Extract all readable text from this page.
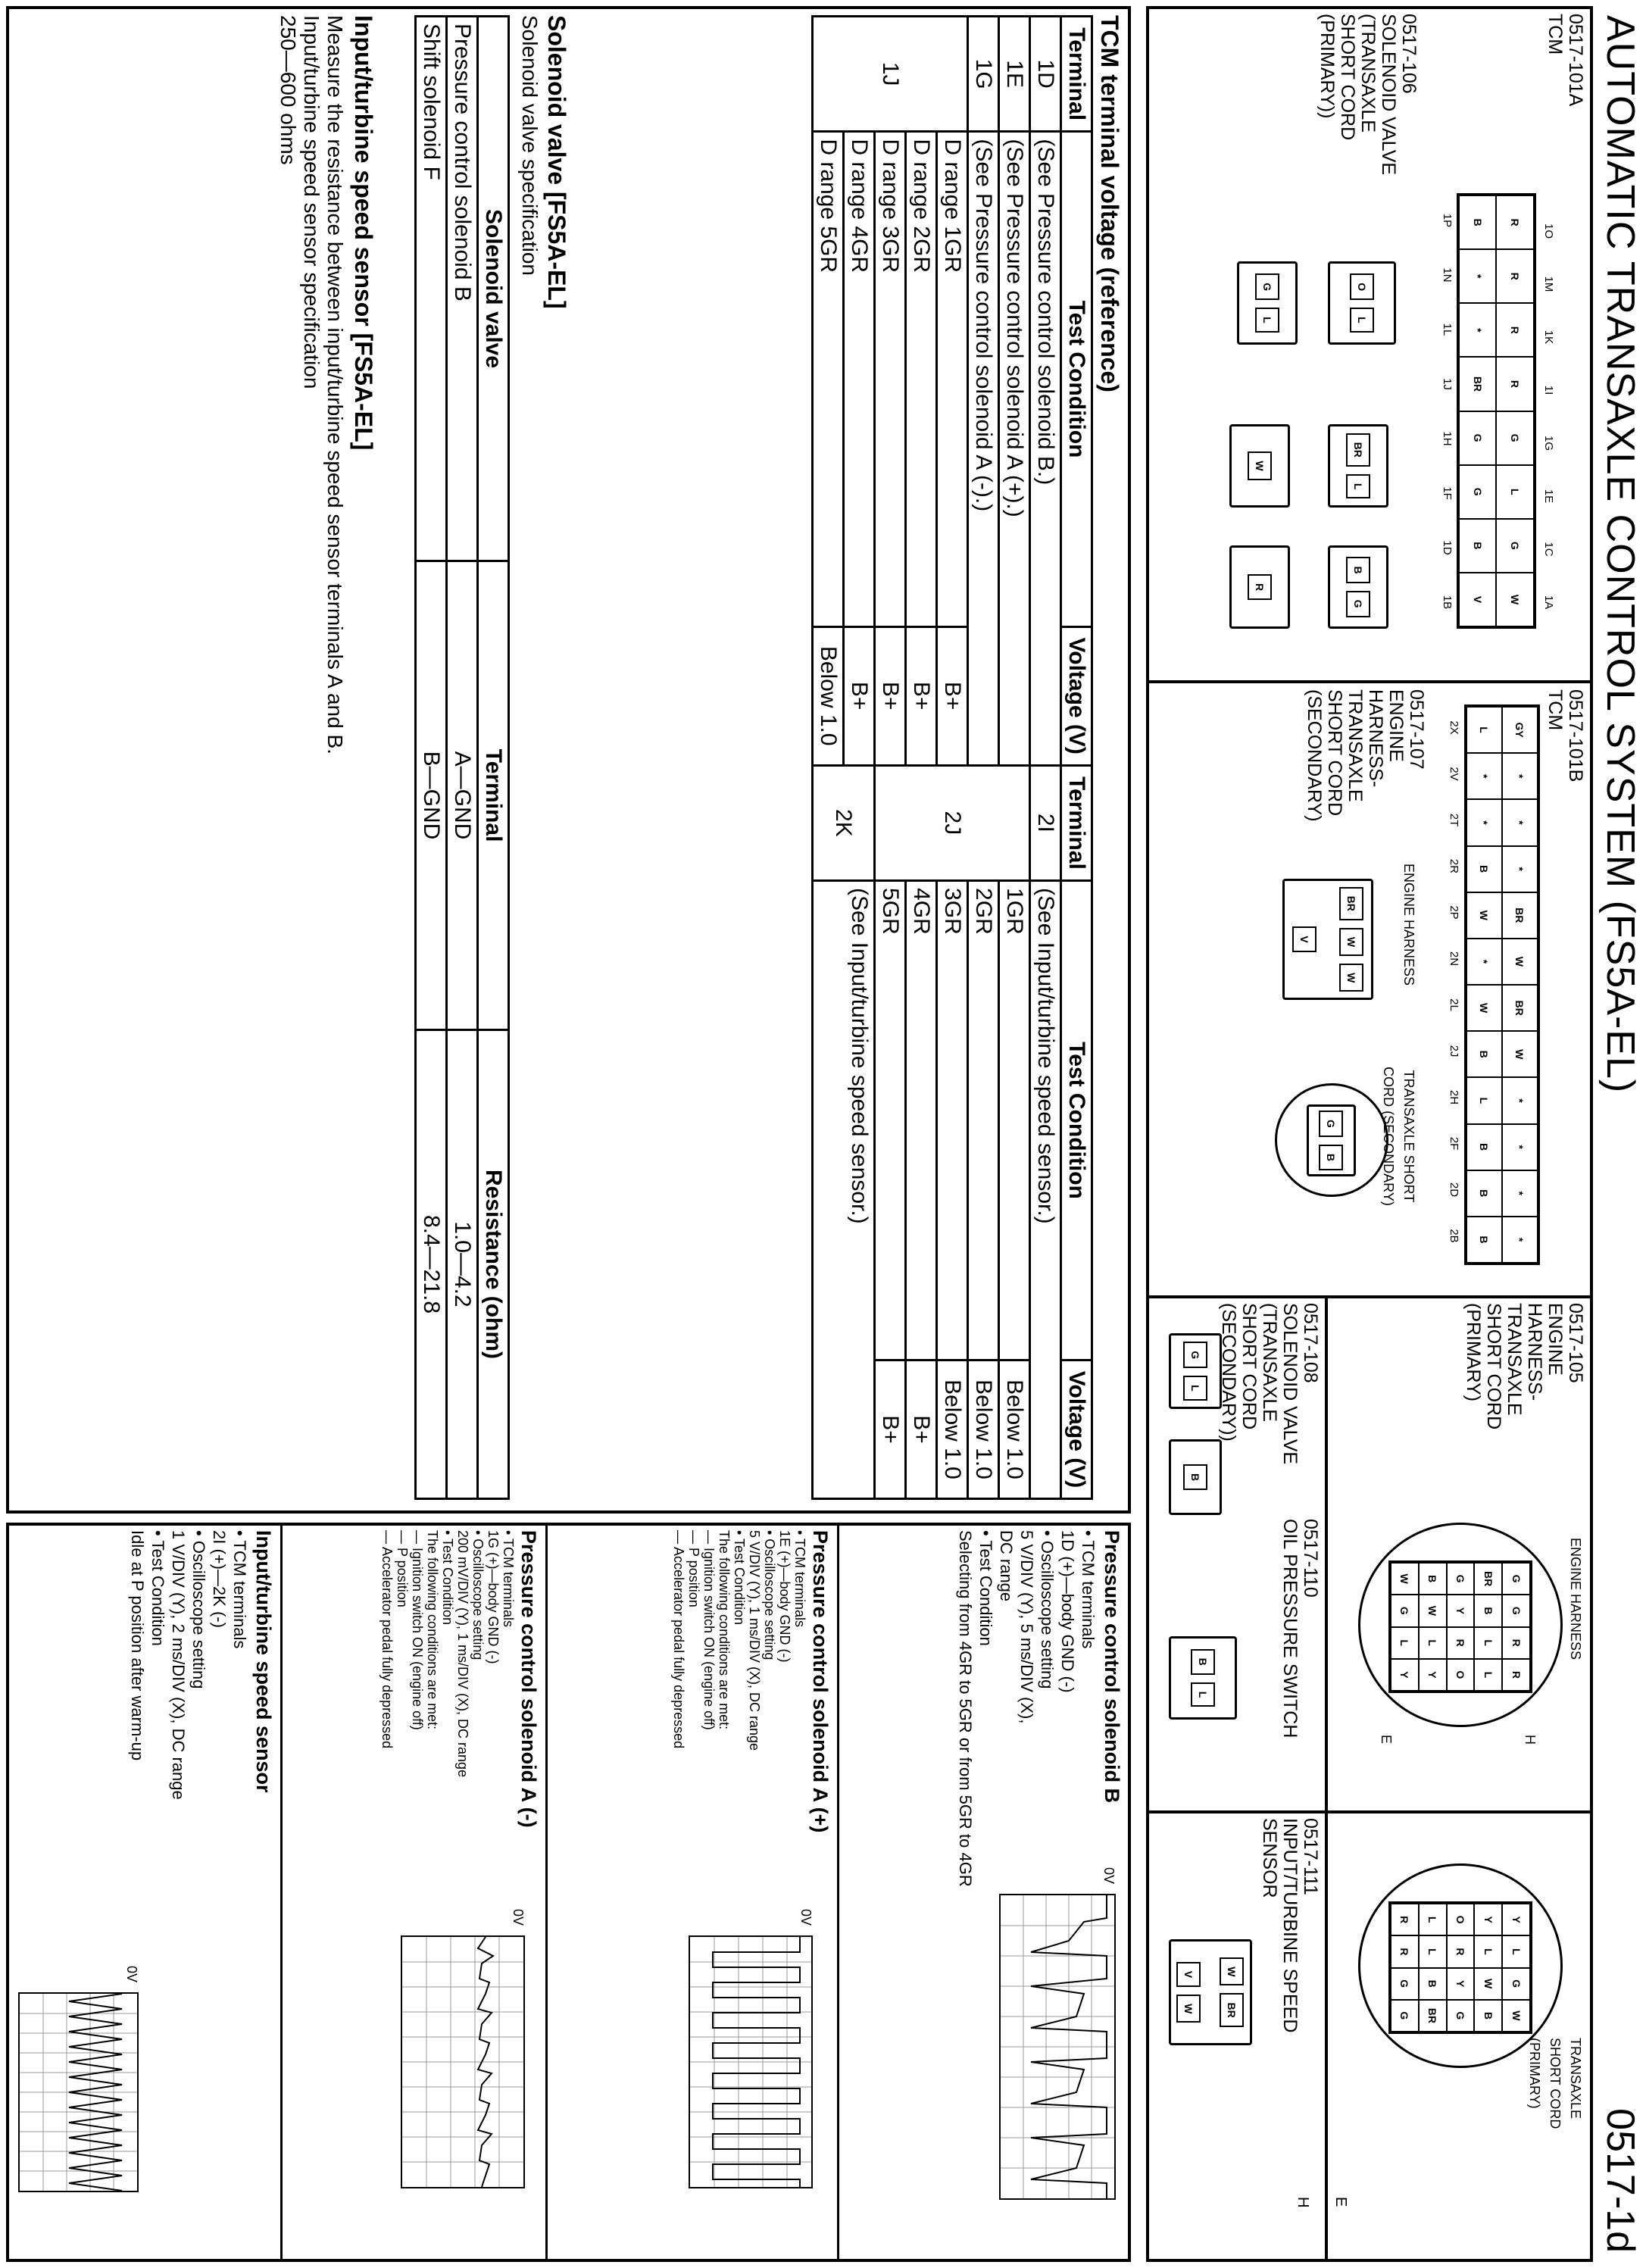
AUTOMATIC TRANSAXLE CONTROL SYSTEM (FS5A-EL)
0517-1d
0517-101A
TCM
0517-106
SOLENOID VALVE (TRANSAXLE SHORT CORD (PRIMARY))
1O
1M
1K
1I
1G
1E
1C
1A
R
R
R
R
G
L
G
W
B
*
*
BR
G
G
B
V
1P
1N
1L
1J
1H
1F
1D
1B
O
L
G
L
BR
L
B
G
W
R
0517-101B
TCM
GY
*
*
*
BR
W
BR
W
*
*
*
*
L
*
*
B
W
*
W
B
L
B
B
B
2X
2V
2T
2R
2P
2N
2L
2J
2H
2F
2D
2B
0517-107
ENGINE HARNESS-TRANSAXLE SHORT CORD (SECONDARY)
ENGINE HARNESS
TRANSAXLE SHORT CORD (SECONDARY)
BR
W
W
V
G
B
0517-105
ENGINE HARNESS-TRANSAXLE SHORT CORD (PRIMARY)
ENGINE HARNESS
TRANSAXLE SHORT CORD (PRIMARY)
G
G
R
R
BR
B
L
L
G
Y
R
O
B
W
L
Y
W
G
L
Y
Y
L
G
W
Y
L
W
B
O
R
Y
G
L
L
B
BR
R
R
G
G
H
E
0517-108
SOLENOID VALVE (TRANSAXLE SHORT CORD (SECONDARY))
G
L
B
0517-110
OIL PRESSURE SWITCH
B
L
0517-111
INPUT/TURBINE SPEED SENSOR
W
BR
V
W
E
H
TCM terminal voltage (reference)
Terminal	Test Condition	Voltage (V)	Terminal	Test Condition	Voltage (V)
1D	(See Pressure control solenoid B.)		2I	(See Input/turbine speed sensor.)	
1E	(See Pressure control solenoid A (+).)		2J	1GR	Below 1.0
1G	(See Pressure control solenoid A (-).)			2GR	Below 1.0
1J	D range 1GR	B+		3GR	Below 1.0
	D range 2GR	B+		4GR	B+
	D range 3GR	B+		5GR	B+
	D range 4GR	B+	2K	(See Input/turbine speed sensor.)	
	D range 5GR	Below 1.0			
Solenoid valve [FS5A-EL]
Solenoid valve specification
Solenoid valve	Terminal	Resistance (ohm)
Pressure control solenoid B	A—GND	1.0—4.2
Shift solenoid F	B—GND	8.4—21.8
Input/turbine speed sensor [FS5A-EL]
Measure the resistance between input/turbine speed sensor terminals A and B.
Input/turbine speed sensor specification
250—600 ohms
Pressure control solenoid B
• TCM terminals
1D (+)—body GND (-)
• Oscilloscope setting
5 V/DIV (Y), 5 ms/DIV (X),
DC range
• Test Condition
Selecting from 4GR to 5GR or from 5GR to 4GR	0V
Pressure control solenoid A (+)
• TCM terminals
1E (+)—body GND (-)
• Oscilloscope setting
5 V/DIV (Y), 1 ms/DIV (X), DC range
• Test Condition
The following conditions are met:
— Ignition switch ON (engine off)
— P position
— Accelerator pedal fully depressed
0V
Pressure control solenoid A (-)
• TCM terminals
1G (+)—body GND (-)
• Oscilloscope setting
200 mV/DIV (Y), 1 ms/DIV (X), DC range
• Test Condition
The following conditions are met:
— Ignition switch ON (engine off)
— P position
— Accelerator pedal fully depressed
0V
Input/turbine speed sensor
• TCM terminals
2I (+)—2K (-)
• Oscilloscope setting
1 V/DIV (Y), 2 ms/DIV (X), DC range
• Test Condition
Idle at P position after warm-up
0V
